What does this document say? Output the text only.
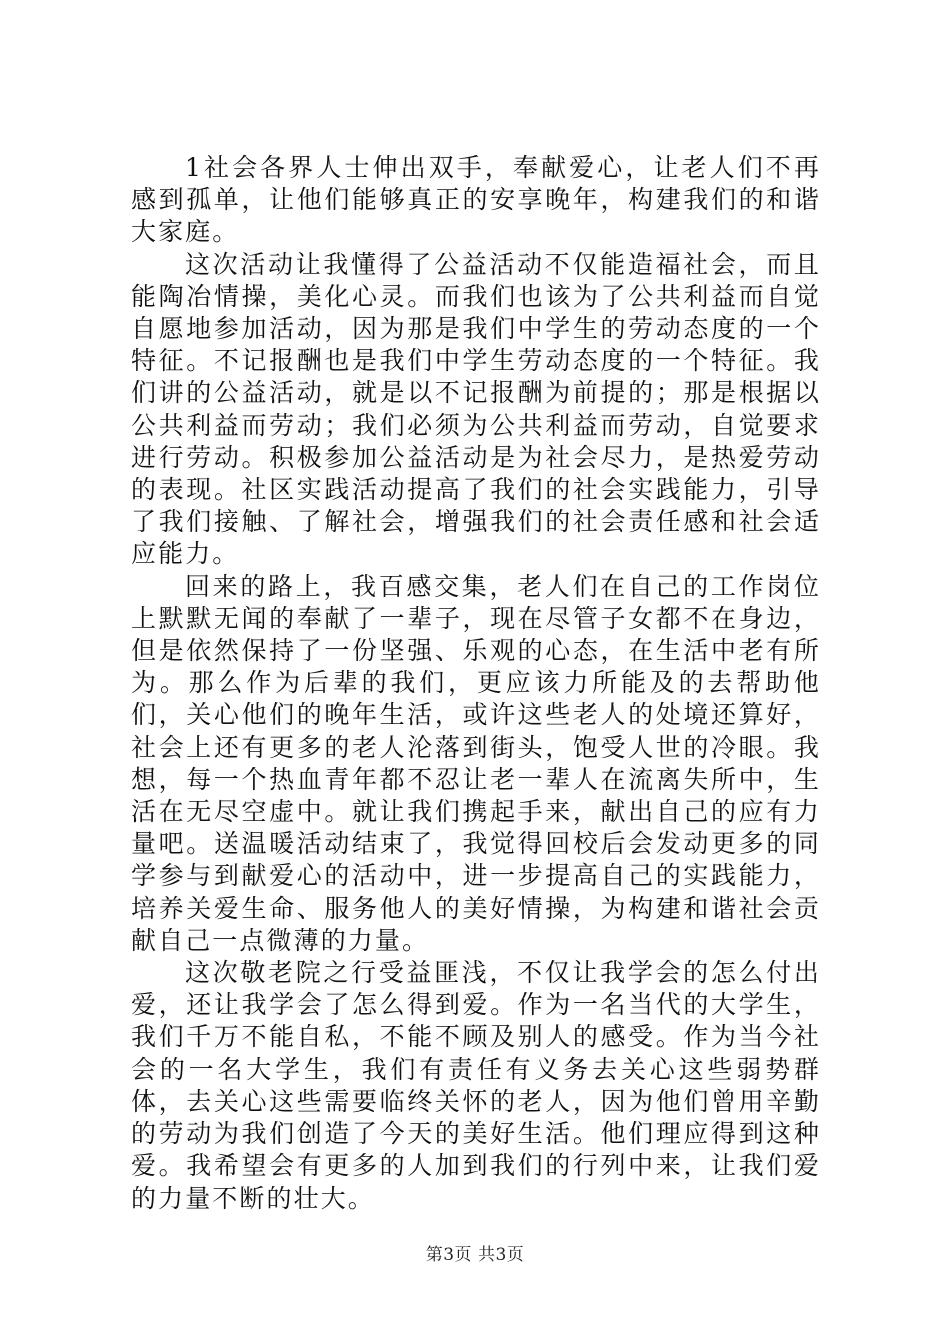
1社会各界人士伸出双手，奉献爱心，让老人们不再感到孤单，让他们能够真正的安享晚年，构建我们的和谐大家庭。

这次活动让我懂得了公益活动不仅能造福社会，而且能陶冶情操，美化心灵。而我们也该为了公共利益而自觉自愿地参加活动，因为那是我们中学生的劳动态度的一个特征。不记报酬也是我们中学生劳动态度的一个特征。我们讲的公益活动，就是以不记报酬为前提的；那是根据以公共利益而劳动；我们必须为公共利益而劳动，自觉要求进行劳动。积极参加公益活动是为社会尽力，是热爱劳动的表现。社区实践活动提高了我们的社会实践能力，引导了我们接触、了解社会，增强我们的社会责任感和社会适应能力。

回来的路上，我百感交集，老人们在自己的工作岗位上默默无闻的奉献了一辈子，现在尽管子女都不在身边，但是依然保持了一份坚强、乐观的心态，在生活中老有所为。那么作为后辈的我们，更应该力所能及的去帮助他们，关心他们的晚年生活，或许这些老人的处境还算好，社会上还有更多的老人沦落到街头，饱受人世的冷眼。我想，每一个热血青年都不忍让老一辈人在流离失所中，生活在无尽空虚中。就让我们携起手来，献出自己的应有力量吧。送温暖活动结束了，我觉得回校后会发动更多的同学参与到献爱心的活动中，进一步提高自己的实践能力，培养关爱生命、服务他人的美好情操，为构建和谐社会贡献自己一点微薄的力量。

这次敬老院之行受益匪浅，不仅让我学会的怎么付出爱，还让我学会了怎么得到爱。作为一名当代的大学生，我们千万不能自私，不能不顾及别人的感受。作为当今社会的一名大学生，我们有责任有义务去关心这些弱势群体，去关心这些需要临终关怀的老人，因为他们曾用辛勤的劳动为我们创造了今天的美好生活。他们理应得到这种爱。我希望会有更多的人加到我们的行列中来，让我们爱的力量不断的壮大。

第3页 共3页
